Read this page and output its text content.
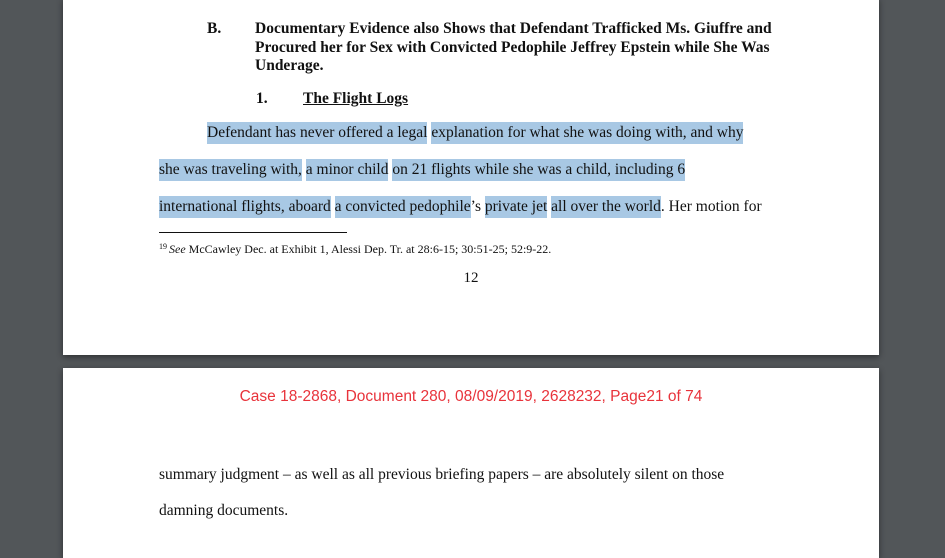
B. Documentary Evidence also Shows that Defendant Trafficked Ms. Giuffre and Procured her for Sex with Convicted Pedophile Jeffrey Epstein while She Was Underage.
1. The Flight Logs
Defendant has never offered a legal explanation for what she was doing with, and why
she was traveling with, a minor child on 21 flights while she was a child, including 6
international flights, aboard a convicted pedophile’s private jet all over the world. Her motion for
$^{19}$ See McCawley Dec. at Exhibit 1, Alessi Dep. Tr. at 28:6-15; 30:51-25; 52:9-22.
12
Case 18-2868, Document 280, 08/09/2019, 2628232, Page21 of 74
summary judgment – as well as all previous briefing papers – are absolutely silent on those
damning documents.
